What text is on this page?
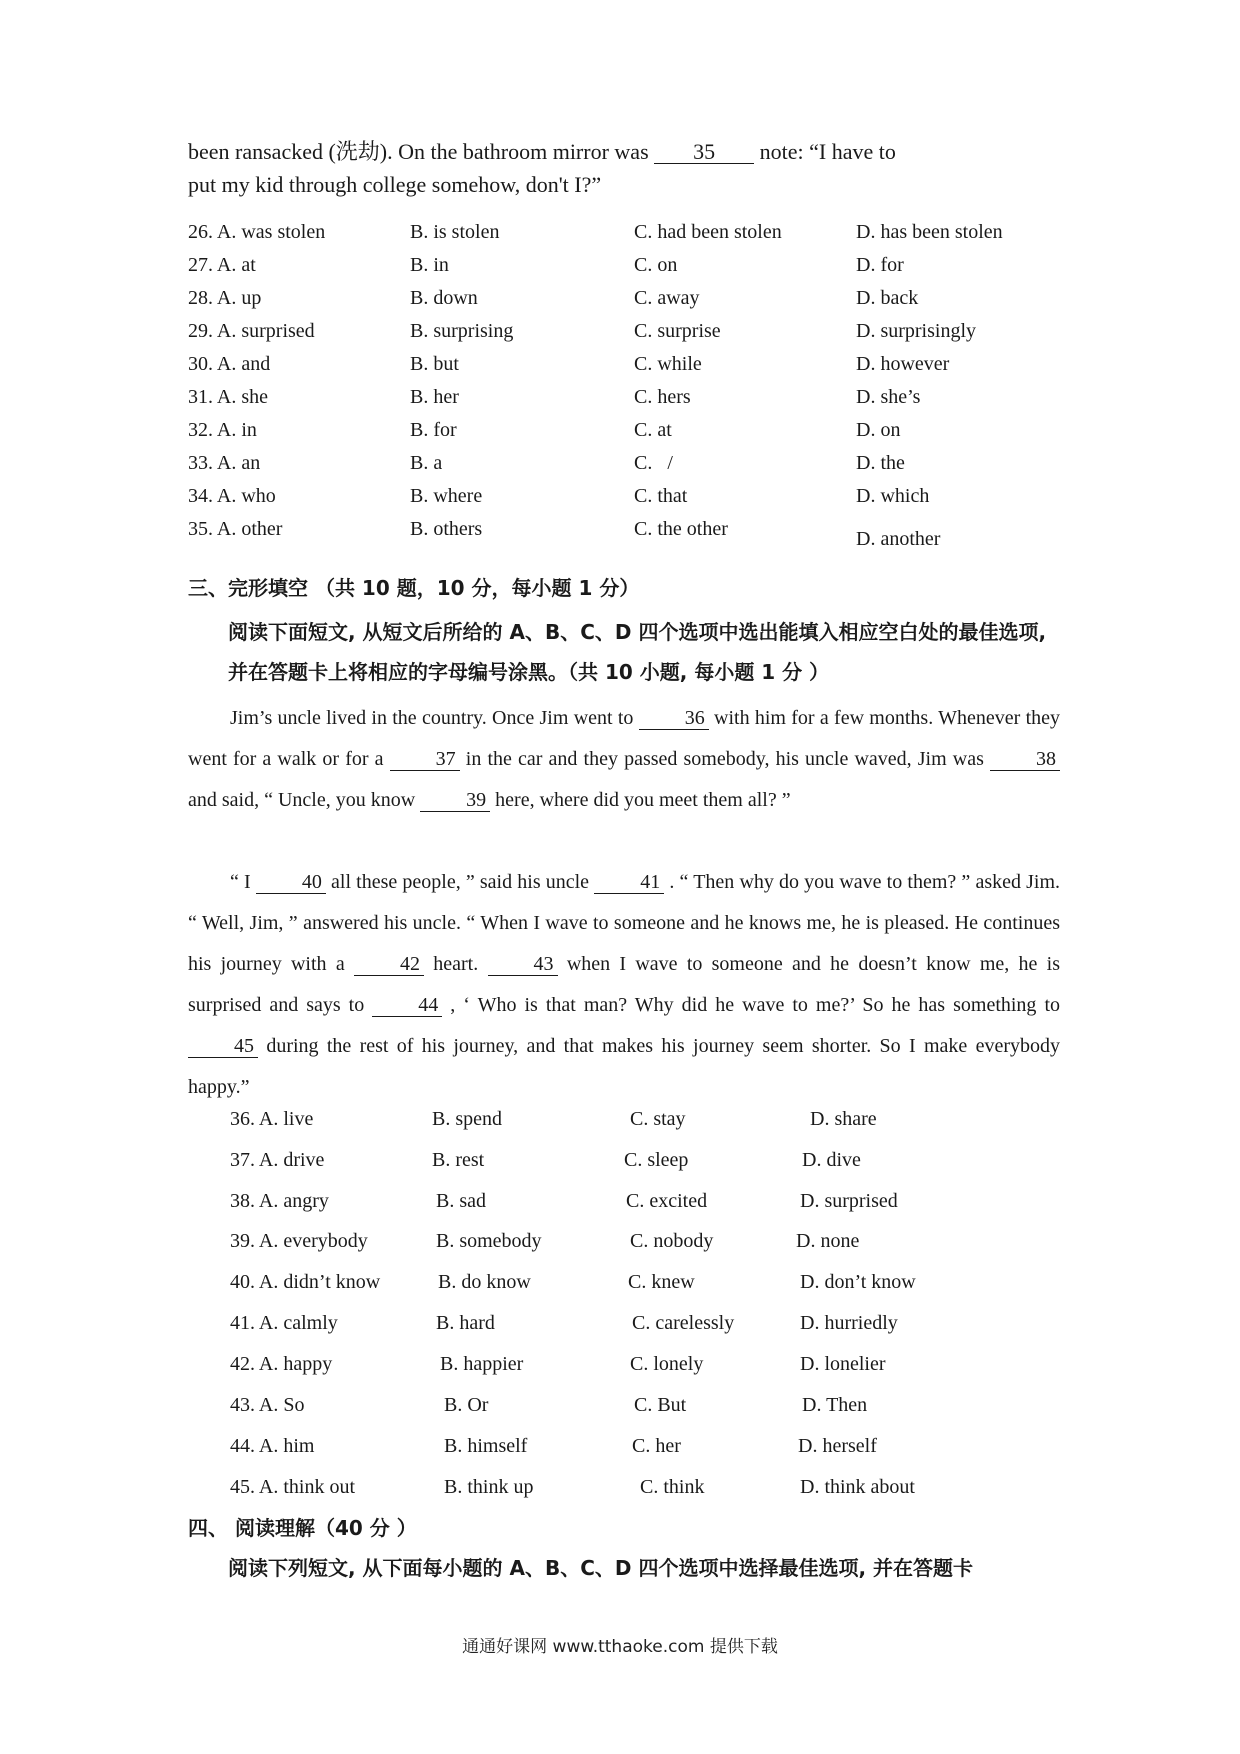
been ransacked (洗劫). On the bathroom mirror was 35 note: “I have to
put my kid through college somehow, don't I?”

26. A. was stolen	B. is stolen	C. had been stolen	D. has been stolen
27. A. at	B. in	C. on	D. for
28. A. up	B. down	C. away	D. back
29. A. surprised	B. surprising	C. surprise	D. surprisingly
30. A. and	B. but	C. while	D. however
31. A. she	B. her	C. hers	D. she’s
32. A. in	B. for	C. at	D. on
33. A. an	B. a	C.   /	D. the
34. A. who	B. where	C. that	D. which
35. A. other	B. others	C. the other	D. another
三、完形填空 （共 10 题，10 分，每小题 1 分）
阅读下面短文, 从短文后所给的 A、B、C、D 四个选项中选出能填入相应空白处的最佳选项, 并在答题卡上将相应的字母编号涂黑。（共 10 小题, 每小题 1 分 ）

Jim’s uncle lived in the country. Once Jim went to	36 with him for a few months. Whenever they went for a walk or for a	37 in the car and they passed somebody, his uncle waved, Jim was	38 and said, “ Uncle, you know	39 here, where did you meet them all? ”

“ I	40 all these people, ” said his uncle	41 . “ Then why do you wave to them? ” asked Jim. “ Well, Jim, ” answered his uncle. “ When I wave to someone and he knows me, he is pleased. He continues his journey with a	42 heart.	43 when I wave to someone and he doesn’t know me, he is surprised and says to	44 , ‘ Who is that man? Why did he wave to me?’ So he has something to 45 during the rest of his journey, and that makes his journey seem shorter. So I make everybody happy.”

36. A. live	B. spend	C. stay	D. share
37. A. drive	B. rest	C. sleep	D. dive
38. A. angry	B. sad	C. excited	D. surprised
39. A. everybody	B. somebody	C. nobody	D. none
40. A. didn’t know	B. do know	C. knew	D. don’t know
41. A. calmly	B. hard	C. carelessly	D. hurriedly
42. A. happy	B. happier	C. lonely	D. lonelier
43. A. So	B. Or	C. But	D. Then
44. A. him	B. himself	C. her	D. herself
45. A. think out	B. think up	C. think	D. think about
四、 阅读理解（40 分 ）
阅读下列短文, 从下面每小题的 A、B、C、D 四个选项中选择最佳选项, 并在答题卡
通通好课网 www.tthaoke.com 提供下载
